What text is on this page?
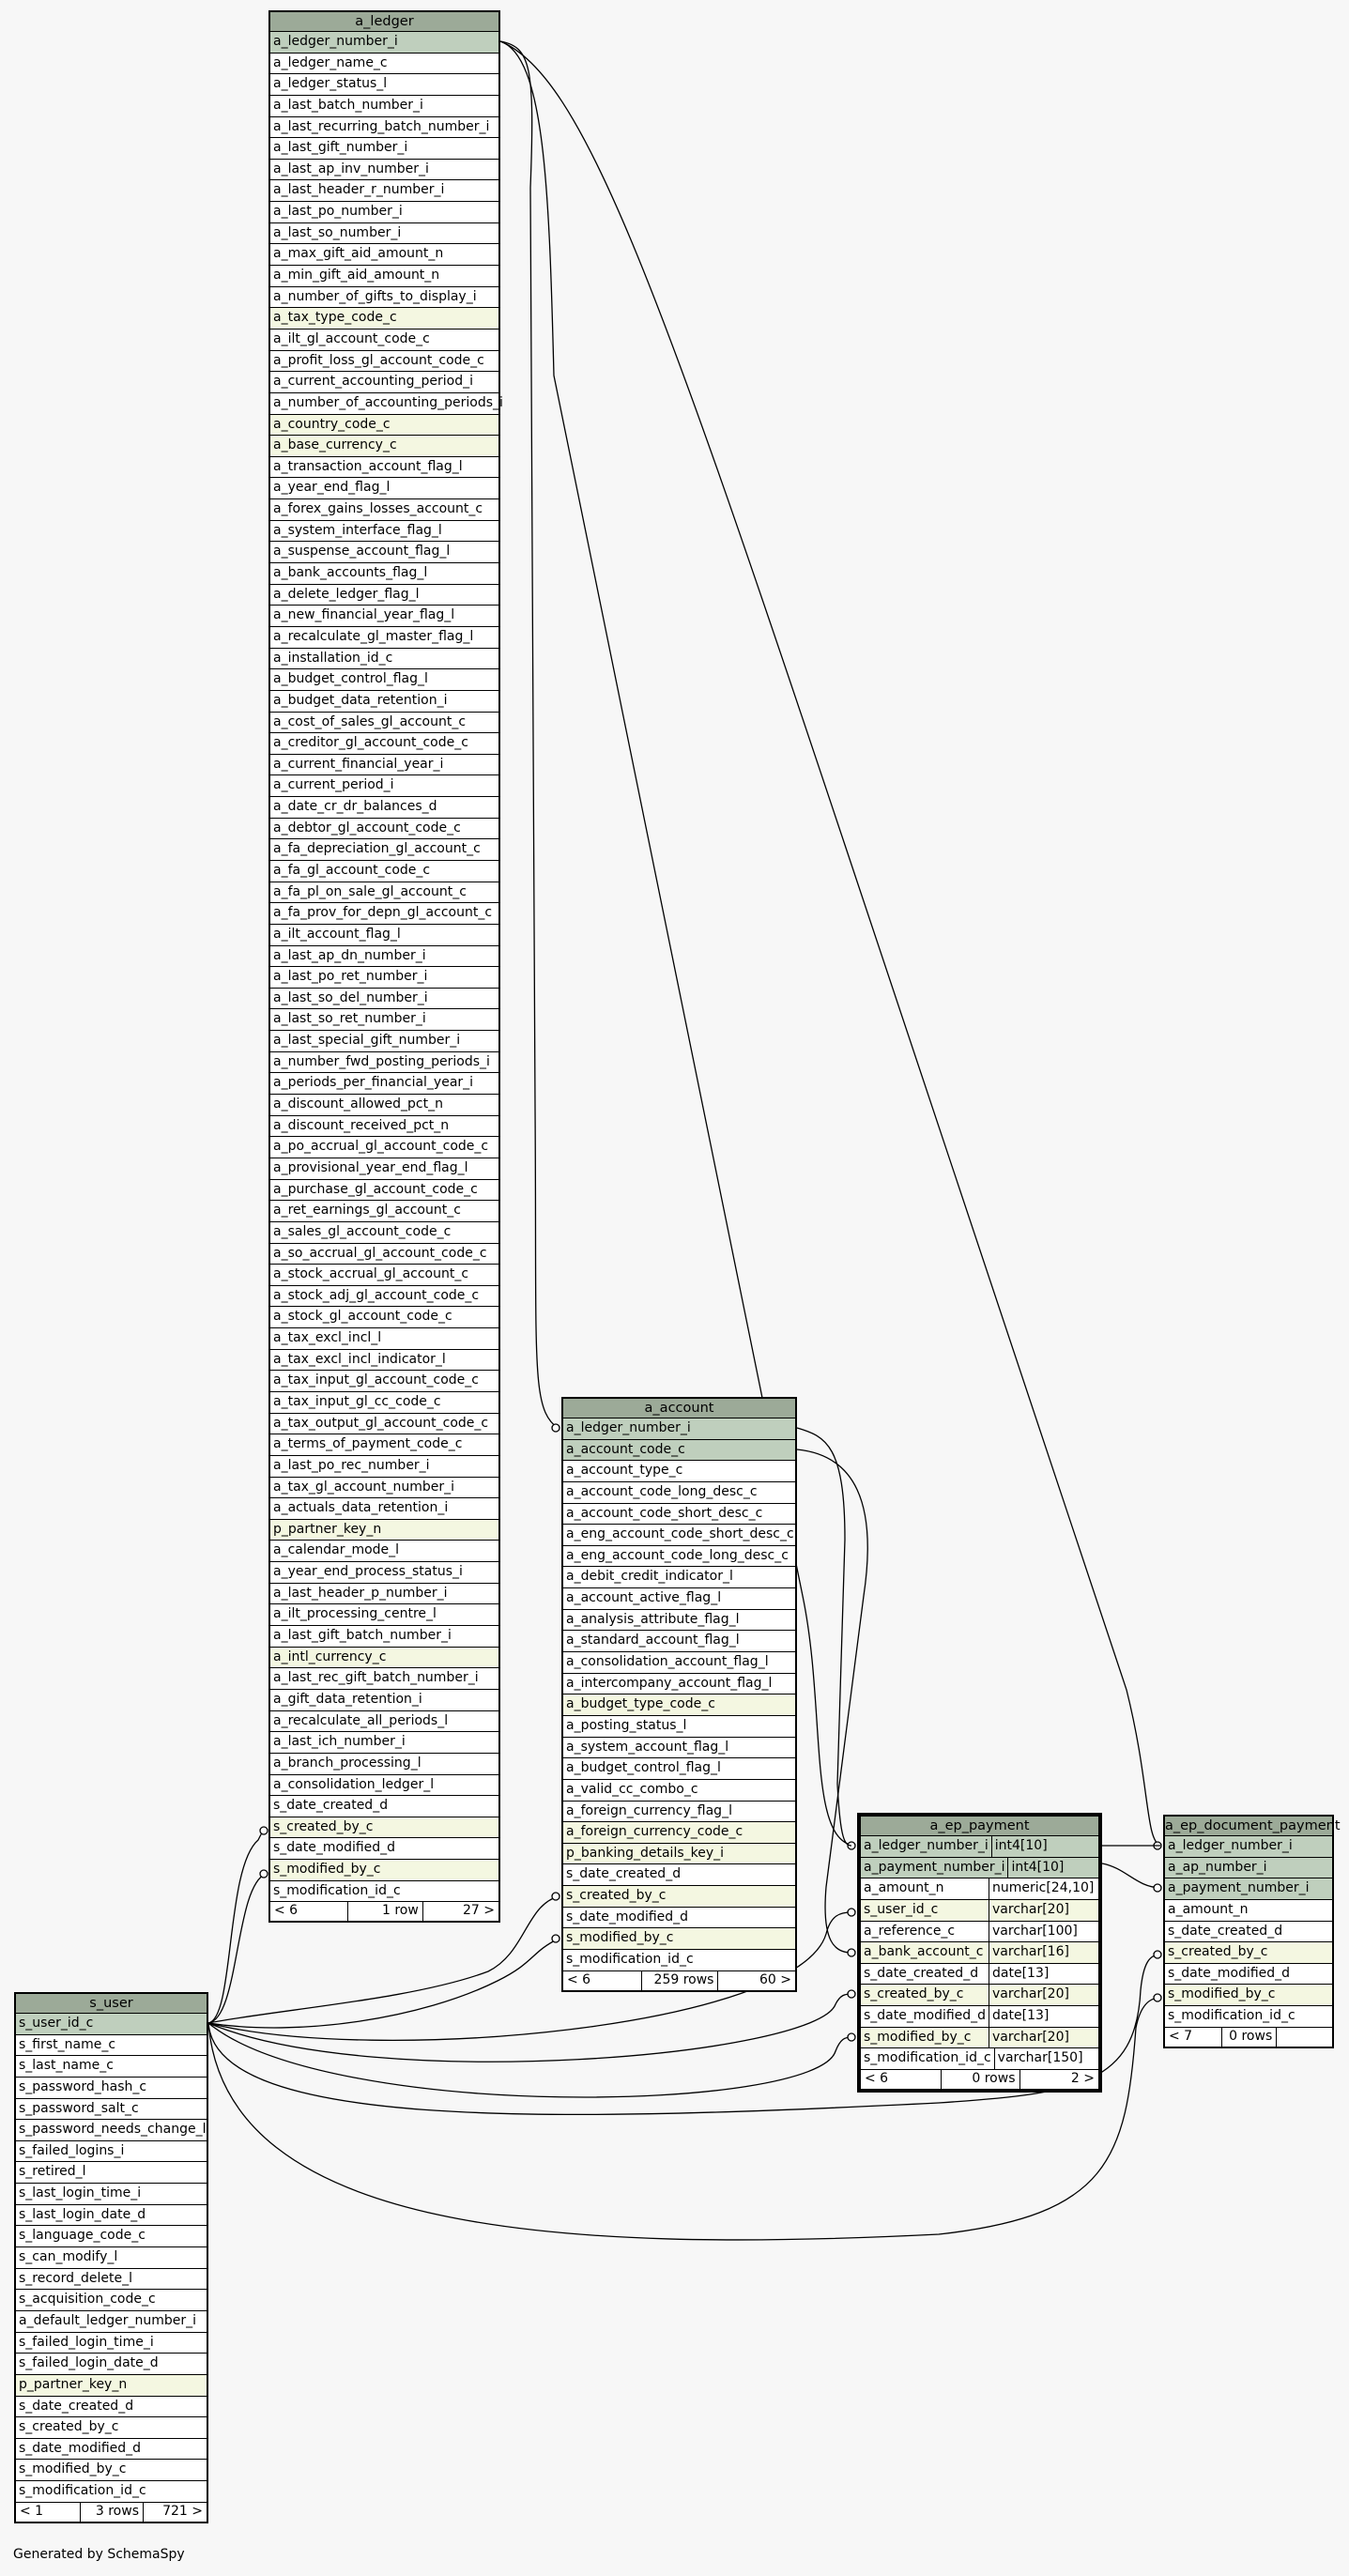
a_ledger
a_ledger_number_i
a_ledger_name_c
a_ledger_status_l
a_last_batch_number_i
a_last_recurring_batch_number_i
a_last_gift_number_i
a_last_ap_inv_number_i
a_last_header_r_number_i
a_last_po_number_i
a_last_so_number_i
a_max_gift_aid_amount_n
a_min_gift_aid_amount_n
a_number_of_gifts_to_display_i
a_tax_type_code_c
a_ilt_gl_account_code_c
a_profit_loss_gl_account_code_c
a_current_accounting_period_i
a_number_of_accounting_periods_i
a_country_code_c
a_base_currency_c
a_transaction_account_flag_l
a_year_end_flag_l
a_forex_gains_losses_account_c
a_system_interface_flag_l
a_suspense_account_flag_l
a_bank_accounts_flag_l
a_delete_ledger_flag_l
a_new_financial_year_flag_l
a_recalculate_gl_master_flag_l
a_installation_id_c
a_budget_control_flag_l
a_budget_data_retention_i
a_cost_of_sales_gl_account_c
a_creditor_gl_account_code_c
a_current_financial_year_i
a_current_period_i
a_date_cr_dr_balances_d
a_debtor_gl_account_code_c
a_fa_depreciation_gl_account_c
a_fa_gl_account_code_c
a_fa_pl_on_sale_gl_account_c
a_fa_prov_for_depn_gl_account_c
a_ilt_account_flag_l
a_last_ap_dn_number_i
a_last_po_ret_number_i
a_last_so_del_number_i
a_last_so_ret_number_i
a_last_special_gift_number_i
a_number_fwd_posting_periods_i
a_periods_per_financial_year_i
a_discount_allowed_pct_n
a_discount_received_pct_n
a_po_accrual_gl_account_code_c
a_provisional_year_end_flag_l
a_purchase_gl_account_code_c
a_ret_earnings_gl_account_c
a_sales_gl_account_code_c
a_so_accrual_gl_account_code_c
a_stock_accrual_gl_account_c
a_stock_adj_gl_account_code_c
a_stock_gl_account_code_c
a_tax_excl_incl_l
a_tax_excl_incl_indicator_l
a_tax_input_gl_account_code_c
a_tax_input_gl_cc_code_c
a_tax_output_gl_account_code_c
a_terms_of_payment_code_c
a_last_po_rec_number_i
a_tax_gl_account_number_i
a_actuals_data_retention_i
p_partner_key_n
a_calendar_mode_l
a_year_end_process_status_i
a_last_header_p_number_i
a_ilt_processing_centre_l
a_last_gift_batch_number_i
a_intl_currency_c
a_last_rec_gift_batch_number_i
a_gift_data_retention_i
a_recalculate_all_periods_l
a_last_ich_number_i
a_branch_processing_l
a_consolidation_ledger_l
s_date_created_d
s_created_by_c
s_date_modified_d
s_modified_by_c
s_modification_id_c
< 6	1 row	27 >
a_account
a_ledger_number_i
a_account_code_c
a_account_type_c
a_account_code_long_desc_c
a_account_code_short_desc_c
a_eng_account_code_short_desc_c
a_eng_account_code_long_desc_c
a_debit_credit_indicator_l
a_account_active_flag_l
a_analysis_attribute_flag_l
a_standard_account_flag_l
a_consolidation_account_flag_l
a_intercompany_account_flag_l
a_budget_type_code_c
a_posting_status_l
a_system_account_flag_l
a_budget_control_flag_l
a_valid_cc_combo_c
a_foreign_currency_flag_l
a_foreign_currency_code_c
p_banking_details_key_i
s_date_created_d
s_created_by_c
s_date_modified_d
s_modified_by_c
s_modification_id_c
< 6	259 rows	60 >
a_ep_payment
a_ledger_number_i int4[10]
a_payment_number_i int4[10]
a_amount_n	numeric[24,10]
s_user_id_c	varchar[20]
a_reference_c	varchar[100]
a_bank_account_c varchar[16]
s_date_created_d	date[13]
s_created_by_c	varchar[20]
s_date_modified_d date[13]
s_modified_by_c	varchar[20]
s_modification_id_c varchar[150]
< 6	0 rows	2 >
a_ep_document_payment
a_ledger_number_i
a_ap_number_i
a_payment_number_i
a_amount_n
s_date_created_d
s_created_by_c
s_date_modified_d
s_modified_by_c
s_modification_id_c
< 7	0 rows
s_user
s_user_id_c
s_first_name_c
s_last_name_c
s_password_hash_c
s_password_salt_c
s_password_needs_change_l
s_failed_logins_i
s_retired_l
s_last_login_time_i
s_last_login_date_d
s_language_code_c
s_can_modify_l
s_record_delete_l
s_acquisition_code_c
a_default_ledger_number_i
s_failed_login_time_i
s_failed_login_date_d
p_partner_key_n
s_date_created_d
s_created_by_c
s_date_modified_d
s_modified_by_c
s_modification_id_c
< 1	3 rows	721 >
Generated by SchemaSpy
